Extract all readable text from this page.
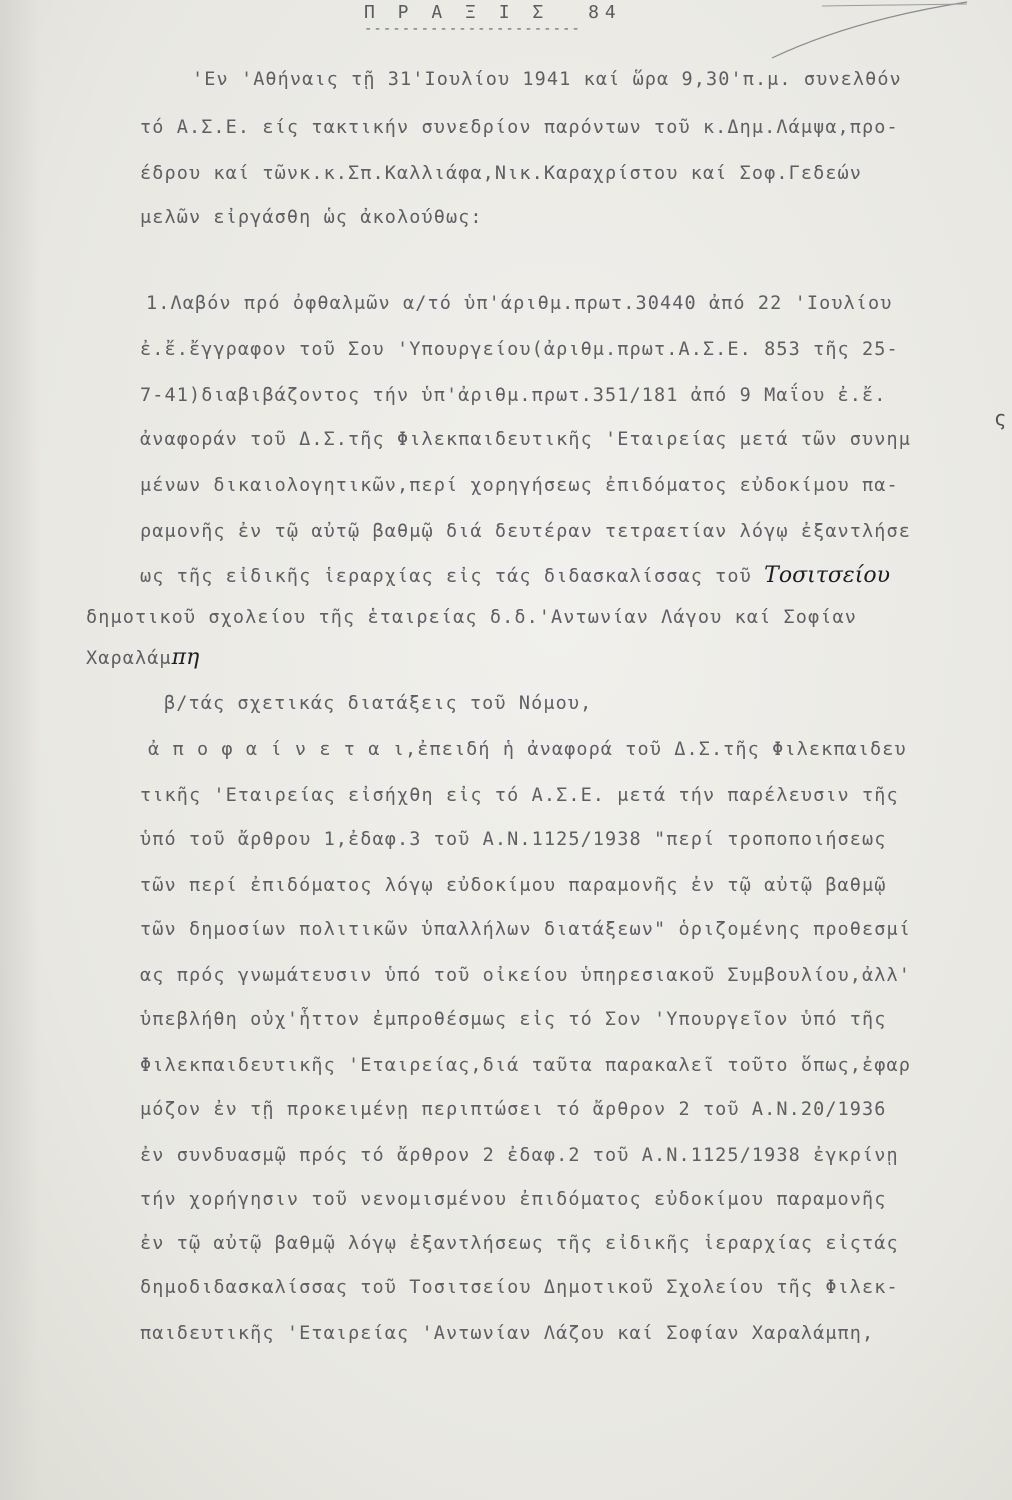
Π Ρ Α Ξ Ι Σ 84
-----------------------
'Εν 'Αθήναις τῇ 31'Ιουλίου 1941 καί ὥρα 9,30'π.μ. συνελθόν
τό Α.Σ.Ε. είς τακτικήν συνεδρίον παρόντων τοῦ κ.Δημ.Λάμψα,προ-
έδρου καί τῶνκ.κ.Σπ.Καλλιάφα,Νικ.Καραχρίστου καί Σοφ.Γεδεών
μελῶν εἰργάσθη ὡς ἀκολούθως:
1.Λαβόν πρό ὀφθαλμῶν α/τό ὑπ'άριθμ.πρωτ.30440 ἀπό 22 'Ιουλίου
ἐ.ἔ.ἔγγραφον τοῦ Σου 'Υπουργείου(ἀριθμ.πρωτ.Α.Σ.Ε. 853 τῆς 25-
7-41)διαβιβάζοντος τήν ὑπ'ἀριθμ.πρωτ.351/181 ἀπό 9 Μαΐου ἐ.ἔ.
ἀναφοράν τοῦ Δ.Σ.τῆς Φιλεκπαιδευτικῆς 'Εταιρείας μετά τῶν συνημ
μένων δικαιολογητικῶν,περί χορηγήσεως ἐπιδόματος εὐδοκίμου πα-
ραμονῆς ἐν τῷ αὐτῷ βαθμῷ διά δευτέραν τετραετίαν λόγῳ ἐξαντλήσε
ως τῆς εἰδικῆς ἱεραρχίας εἰς τάς διδασκαλίσσας τοῦ Τοσιτσείου
δημοτικοῦ σχολείου τῆς ἑταιρείας δ.δ.'Αντωνίαν Λάγου καί Σοφίαν
Χαραλάμπη
β/τάς σχετικάς διατάξεις τοῦ Νόμου,
ἀ π ο φ α ί ν ε τ α ι,ἐπειδή ἡ ἀναφορά τοῦ Δ.Σ.τῆς Φιλεκπαιδευ
τικῆς 'Εταιρείας εἰσήχθη εἰς τό Α.Σ.Ε. μετά τήν παρέλευσιν τῆς
ὑπό τοῦ ἄρθρου 1,ἐδαφ.3 τοῦ Α.Ν.1125/1938 "περί τροποποιήσεως
τῶν περί ἐπιδόματος λόγῳ εὐδοκίμου παραμονῆς ἐν τῷ αὐτῷ βαθμῷ
τῶν δημοσίων πολιτικῶν ὑπαλλήλων διατάξεων" ὁριζομένης προθεσμί
ας πρός γνωμάτευσιν ὑπό τοῦ οἰκείου ὑπηρεσιακοῦ Συμβουλίου,ἀλλ'
ὑπεβλήθη οὐχ'ἧττον ἐμπροθέσμως εἰς τό Σον 'Υπουργεῖον ὑπό τῆς
Φιλεκπαιδευτικῆς 'Εταιρείας,διά ταῦτα παρακαλεῖ τοῦτο ὅπως,ἐφαρ
μόζον ἐν τῇ προκειμένῃ περιπτώσει τό ἄρθρον 2 τοῦ Α.Ν.20/1936
ἐν συνδυασμῷ πρός τό ἄρθρον 2 ἐδαφ.2 τοῦ Α.Ν.1125/1938 ἐγκρίνῃ
τήν χορήγησιν τοῦ νενομισμένου ἐπιδόματος εὐδοκίμου παραμονῆς
ἐν τῷ αὐτῷ βαθμῷ λόγῳ ἐξαντλήσεως τῆς εἰδικῆς ἱεραρχίας εἰςτάς
δημοδιδασκαλίσσας τοῦ Τοσιτσείου Δημοτικοῦ Σχολείου τῆς Φιλεκ-
παιδευτικῆς 'Εταιρείας 'Αντωνίαν Λάζου καί Σοφίαν Χαραλάμπη,
ς
